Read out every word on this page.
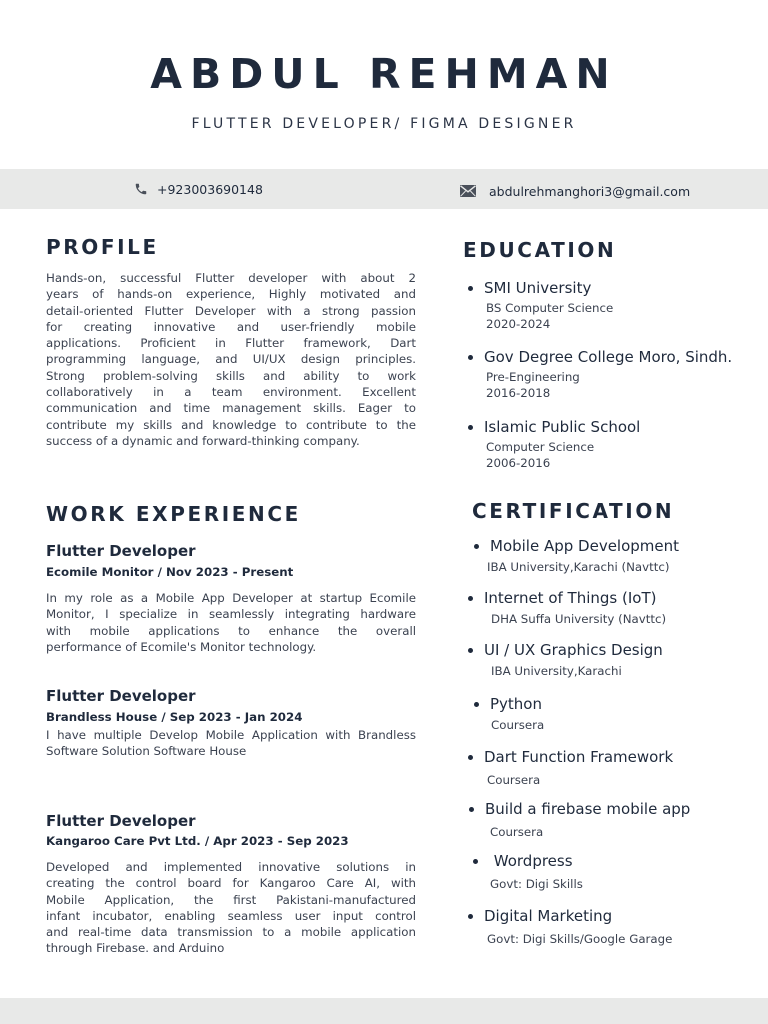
ABDUL REHMAN
FLUTTER DEVELOPER/ FIGMA DESIGNER
+923003690148	abdulrehmanghori3@gmail.com
PROFILE
Hands-on, successful Flutter developer with about 2
years of hands-on experience, Highly motivated and
detail-oriented Flutter Developer with a strong passion
for creating innovative and user-friendly mobile
applications. Proficient in Flutter framework, Dart
programming language, and UI/UX design principles.
Strong problem-solving skills and ability to work
collaboratively in a team environment. Excellent
communication and time management skills. Eager to
contribute my skills and knowledge to contribute to the
success of a dynamic and forward-thinking company.
WORK EXPERIENCE
Flutter Developer
Ecomile Monitor / Nov 2023 - Present
In my role as a Mobile App Developer at startup Ecomile
Monitor, I specialize in seamlessly integrating hardware
with mobile applications to enhance the overall
performance of Ecomile's Monitor technology.
Flutter Developer
Brandless House / Sep 2023 - Jan 2024
I have multiple Develop Mobile Application with Brandless
Software Solution Software House
Flutter Developer
Kangaroo Care Pvt Ltd. / Apr 2023 - Sep 2023
Developed and implemented innovative solutions in
creating the control board for Kangaroo Care AI, with
Mobile Application, the first Pakistani-manufactured
infant incubator, enabling seamless user input control
and real-time data transmission to a mobile application
through Firebase. and Arduino
EDUCATION
SMI University
BS Computer Science
2020-2024
Gov Degree College Moro, Sindh.
Pre-Engineering
2016-2018
Islamic Public School
Computer Science
2006-2016
CERTIFICATION
Mobile App Development
IBA University,Karachi (Navttc)
Internet of Things (IoT)
DHA Suffa University (Navttc)
UI / UX Graphics Design
IBA University,Karachi
Python
Coursera
Dart Function Framework
Coursera
Build a firebase mobile app
Coursera
Wordpress
Govt: Digi Skills
Digital Marketing
Govt: Digi Skills/Google Garage
